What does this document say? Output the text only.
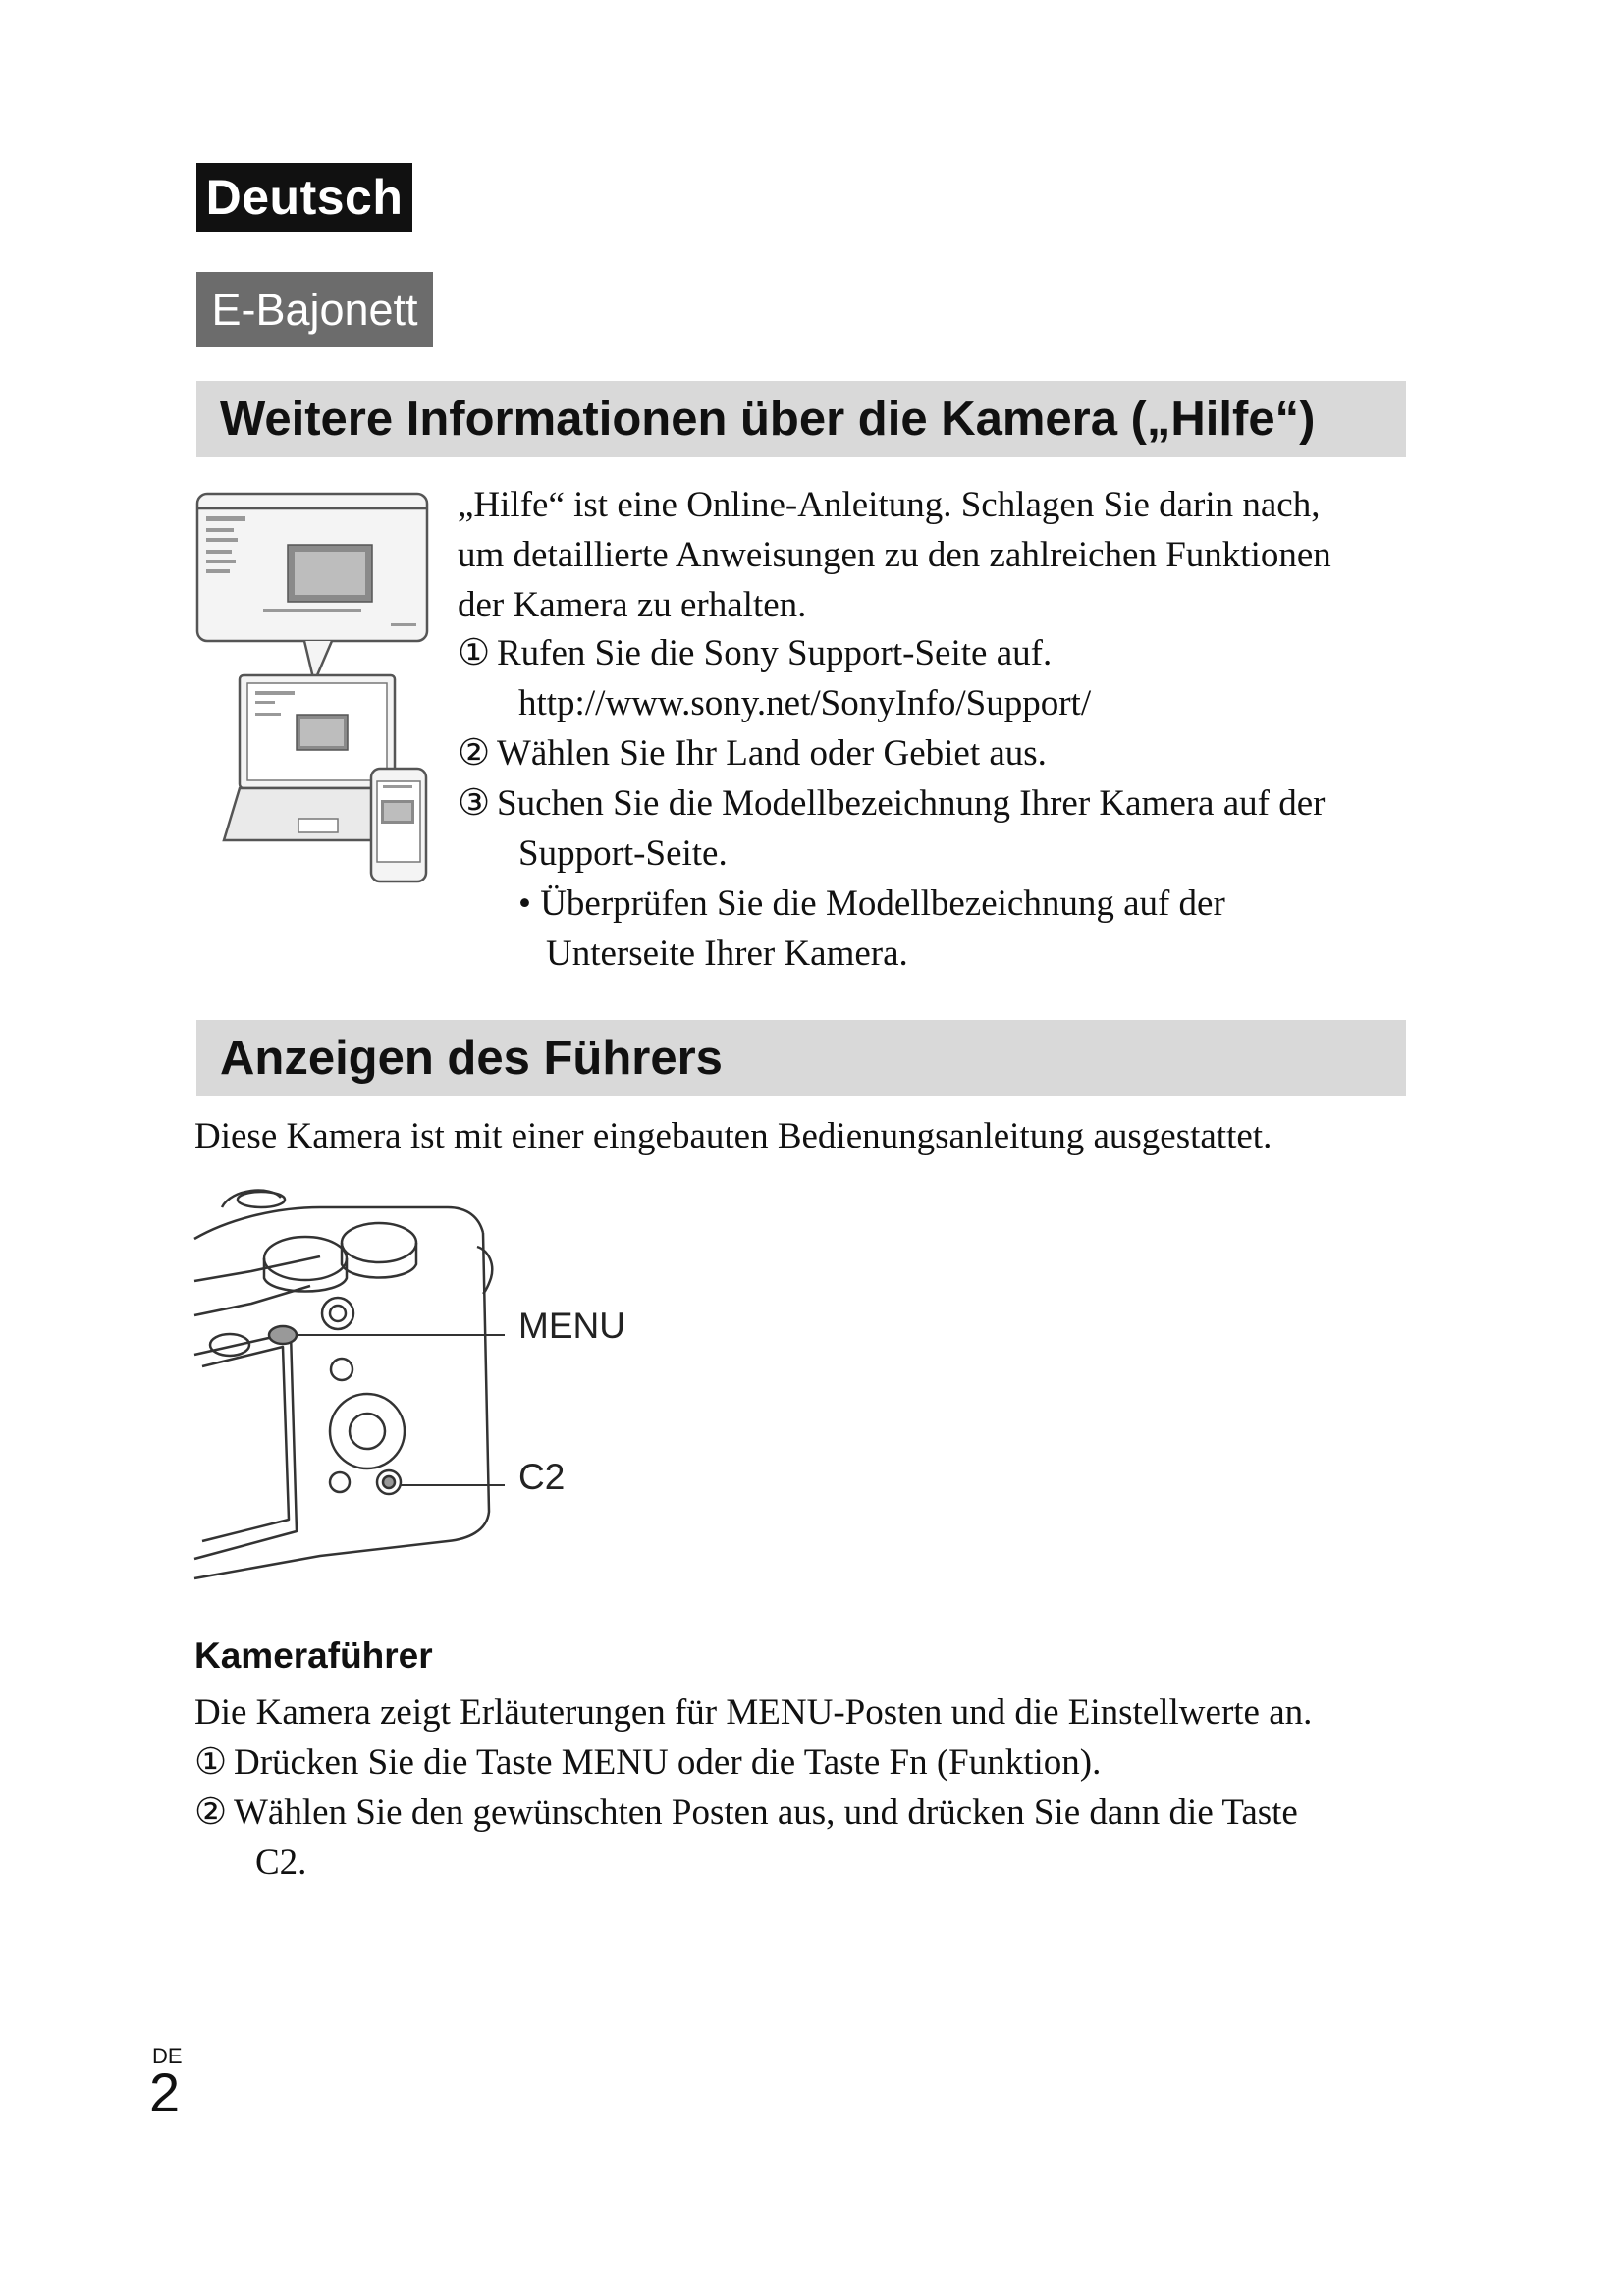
Deutsch
E-Bajonett
Weitere Informationen über die Kamera („Hilfe“)
„Hilfe“ ist eine Online-Anleitung. Schlagen Sie darin nach,
um detaillierte Anweisungen zu den zahlreichen Funktionen
der Kamera zu erhalten.
① Rufen Sie die Sony Support-Seite auf.
http://www.sony.net/SonyInfo/Support/
② Wählen Sie Ihr Land oder Gebiet aus.
③ Suchen Sie die Modellbezeichnung Ihrer Kamera auf der
Support-Seite.
• Überprüfen Sie die Modellbezeichnung auf der
Unterseite Ihrer Kamera.
Anzeigen des Führers
Diese Kamera ist mit einer eingebauten Bedienungsanleitung ausgestattet.
MENU
C2
Kameraführer
Die Kamera zeigt Erläuterungen für MENU-Posten und die Einstellwerte an.
① Drücken Sie die Taste MENU oder die Taste Fn (Funktion).
② Wählen Sie den gewünschten Posten aus, und drücken Sie dann die Taste
C2.
DE
2
